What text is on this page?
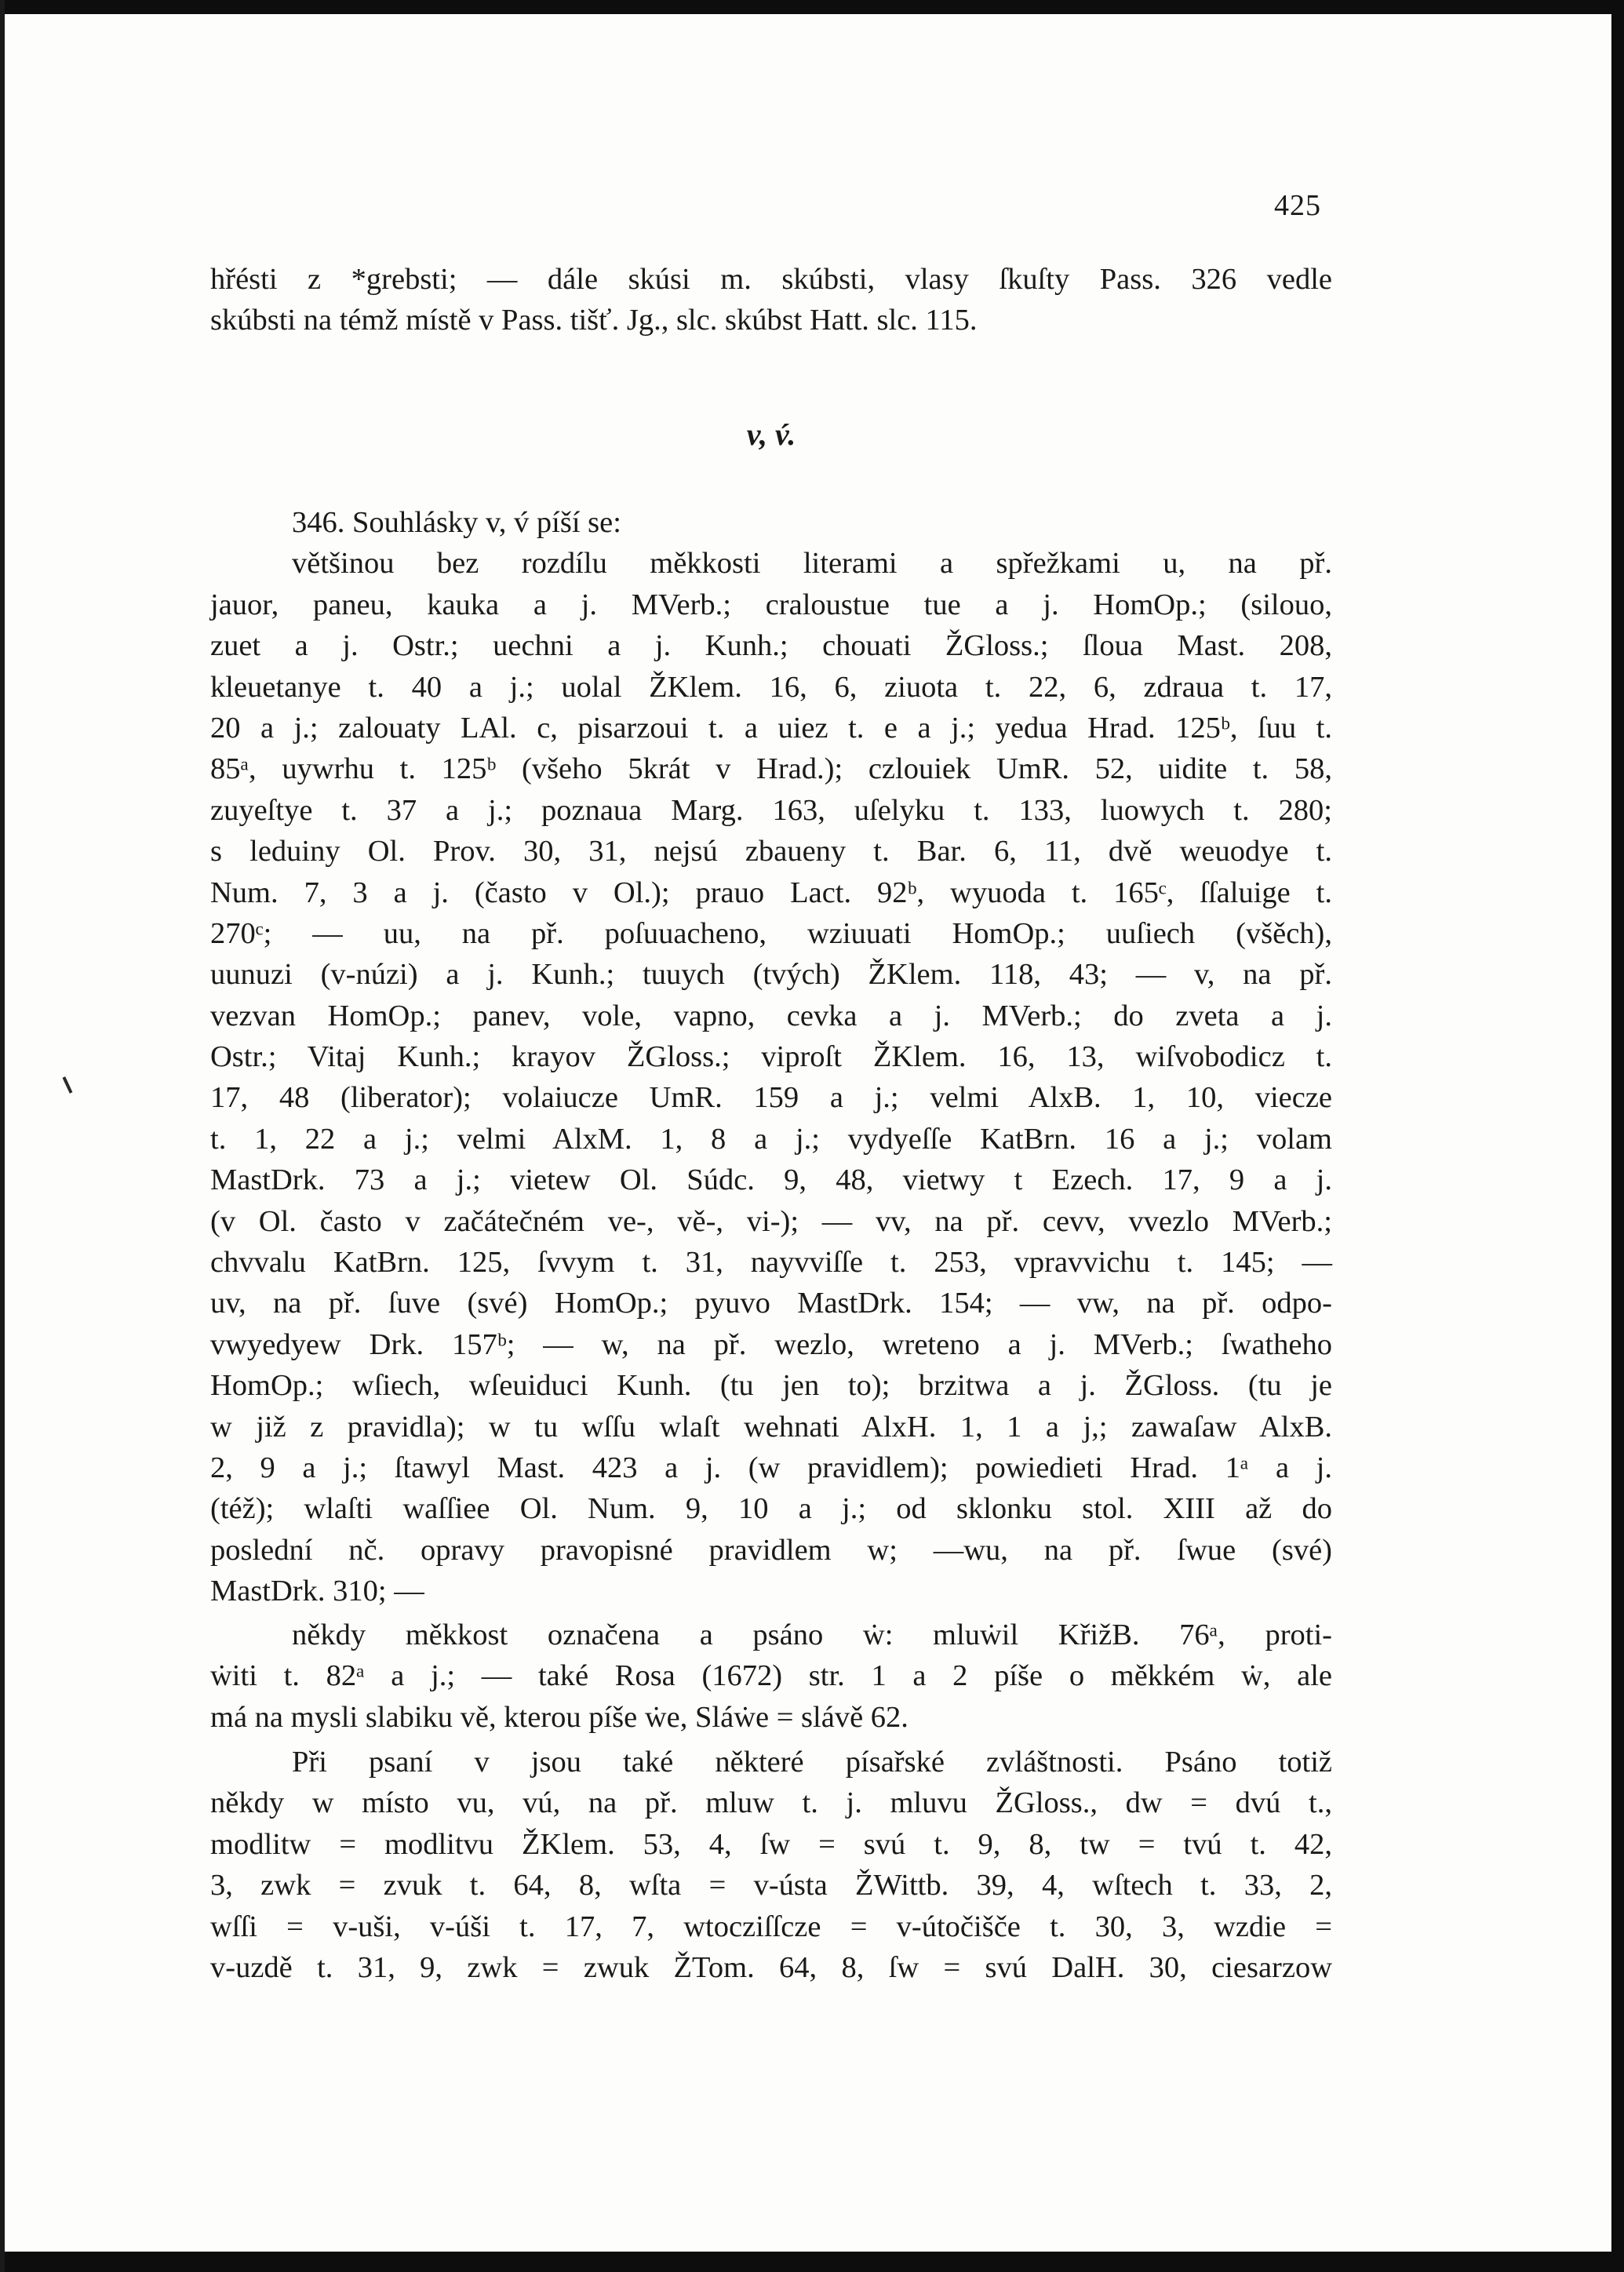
425
hřésti z *grebsti; — dále skúsi m. skúbsti, vlasy ſkuſty Pass. 326 vedle
skúbsti na témž místě v Pass. tišť. Jg., slc. skúbst Hatt. slc. 115.
v, v́.
346. Souhlásky v, v́ píší se:
většinou bez rozdílu měkkosti literami a spřežkami u, na př.
jauor, paneu, kauka a j. MVerb.; craloustue tue a j. HomOp.; (silouo,
zuet a j. Ostr.; uechni a j. Kunh.; chouati ŽGloss.; ſloua Mast. 208,
kleuetanye t. 40 a j.; uolal ŽKlem. 16, 6, ziuota t. 22, 6, zdraua t. 17,
20 a j.; zalouaty LAl. c, pisarzoui t. a uiez t. e a j.; yedua Hrad. 125ᵇ, ſuu t.
85ᵃ, uywrhu t. 125ᵇ (všeho 5krát v Hrad.); czlouiek UmR. 52, uidite t. 58,
zuyeſtye t. 37 a j.; poznaua Marg. 163, uſelyku t. 133, luowych t. 280;
s leduiny Ol. Prov. 30, 31, nejsú zbaueny t. Bar. 6, 11, dvě weuodye t.
Num. 7, 3 a j. (často v Ol.); prauo Lact. 92ᵇ, wyuoda t. 165ᶜ, ſſaluige t.
270ᶜ; — uu, na př. poſuuacheno, wziuuati HomOp.; uuſiech (všěch),
uunuzi (v-núzi) a j. Kunh.; tuuych (tvých) ŽKlem. 118, 43; — v, na př.
vezvan HomOp.; panev, vole, vapno, cevka a j. MVerb.; do zveta a j.
Ostr.; Vitaj Kunh.; krayov ŽGloss.; viproſt ŽKlem. 16, 13, wiſvobodicz t.
17, 48 (liberator); volaiucze UmR. 159 a j.; velmi AlxB. 1, 10, viecze
t. 1, 22 a j.; velmi AlxM. 1, 8 a j.; vydyeſſe KatBrn. 16 a j.; volam
MastDrk. 73 a j.; vietew Ol. Súdc. 9, 48, vietwy t Ezech. 17, 9 a j.
(v Ol. často v začátečném ve-, vě-, vi-); — vv, na př. cevv, vvezlo MVerb.;
chvvalu KatBrn. 125, ſvvym t. 31, nayvviſſe t. 253, vpravvichu t. 145; —
uv, na př. ſuve (své) HomOp.; pyuvo MastDrk. 154; — vw, na př. odpo-
vwyedyew Drk. 157ᵇ; — w, na př. wezlo, wreteno a j. MVerb.; ſwatheho
HomOp.; wſiech, wſeuiduci Kunh. (tu jen to); brzitwa a j. ŽGloss. (tu je
w již z pravidla); w tu wſſu wlaſt wehnati AlxH. 1, 1 a j,; zawaſaw AlxB.
2, 9 a j.; ſtawyl Mast. 423 a j. (w pravidlem); powiedieti Hrad. 1ᵃ a j.
(též); wlaſti waſſiee Ol. Num. 9, 10 a j.; od sklonku stol. XIII až do
poslední nč. opravy pravopisné pravidlem w; —wu, na př. ſwue (své)
MastDrk. 310; —
někdy měkkost označena a psáno ẇ: mluẇil KřižB. 76ᵃ, proti-
ẇiti t. 82ᵃ a j.; — také Rosa (1672) str. 1 a 2 píše o měkkém ẇ, ale
má na mysli slabiku vě, kterou píše ẇe, Sláẇe = slávě 62.
Při psaní v jsou také některé písařské zvláštnosti. Psáno totiž
někdy w místo vu, vú, na př. mluw t. j. mluvu ŽGloss., dw = dvú t.,
modlitw = modlitvu ŽKlem. 53, 4, ſw = svú t. 9, 8, tw = tvú t. 42,
3, zwk = zvuk t. 64, 8, wſta = v-ústa ŽWittb. 39, 4, wſtech t. 33, 2,
wſſi = v-uši, v-úši t. 17, 7, wtocziſſcze = v-útočišče t. 30, 3, wzdie =
v-uzdě t. 31, 9, zwk = zwuk ŽTom. 64, 8, ſw = svú DalH. 30, ciesarzow
